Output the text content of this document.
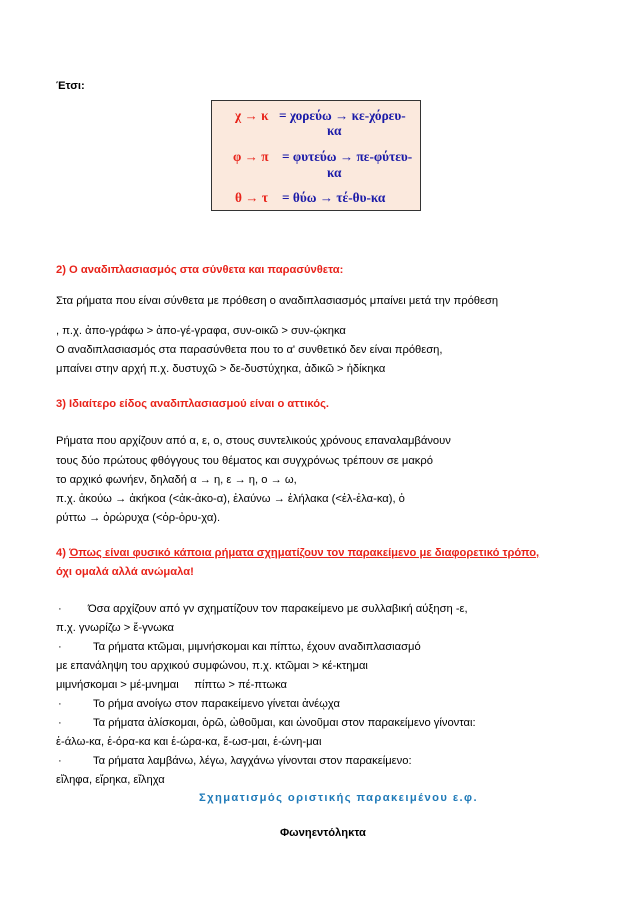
Έτσι:
χ → κ = χορεύω → κε-χόρευ-
κα
φ → π = φυτεύω → πε-φύτευ-
κα
θ → τ = θύω → τέ-θυ-κα
2) Ο αναδιπλασιασμός στα σύνθετα και παρασύνθετα:
Στα ρήματα που είναι σύνθετα με πρόθεση ο αναδιπλασιασμός μπαίνει μετά την πρόθεση
, π.χ. ἀπο-γράφω > ἀπο-γέ-γραφα, συν-οικῶ > συν-ῴκηκα
Ο αναδιπλασιασμός στα παρασύνθετα που το α' συνθετικό δεν είναι πρόθεση,
μπαίνει στην αρχή π.χ. δυστυχῶ > δε-δυστύχηκα, ἀδικῶ > ἠδίκηκα
3) Ιδιαίτερο είδος αναδιπλασιασμού είναι ο αττικός.
Ρήματα που αρχίζουν από α, ε, ο, στους συντελικούς χρόνους επαναλαμβάνουν
τους δύο πρώτους φθόγγους του θέματος και συγχρόνως τρέπουν σε μακρό
το αρχικό φωνήεν, δηλαδή α → η, ε → η, ο → ω,
π.χ. ἀκούω → ἀκήκοα (<ἀκ-ἀκο-α), ἐλαύνω → ἐλήλακα (<ἐλ-ἐλα-κα), ὀ
ρύττω → ὀρώρυχα (<ὀρ-ὀρυ-χα).
4) Όπως είναι φυσικό κάποια ρήματα σχηματίζουν τον παρακείμενο με διαφορετικό τρόπο,
όχι ομαλά αλλά ανώμαλα!
· Όσα αρχίζουν από γν σχηματίζουν τον παρακείμενο με συλλαβική αύξηση -ε,
π.χ. γνωρίζω > ἔ-γνωκα
·	Τα ρήματα κτῶμαι, μιμνήσκομαι και πίπτω, έχουν αναδιπλασιασμό
με επανάληψη του αρχικού συμφώνου, π.χ. κτῶμαι > κέ-κτημαι
μιμνήσκομαι > μέ-μνημαι     πίπτω > πέ-πτωκα
·	Το ρήμα ανοίγω στον παρακείμενο γίνεται ἀνέῳχα
·	Τα ρήματα ἁλίσκομαι, ὁρῶ, ὠθοῦμαι, και ὠνοῦμαι στον παρακείμενο γίνονται:
ἑ-άλω-κα, ἑ-όρα-κα και ἑ-ώρα-κα, ἔ-ωσ-μαι, ἑ-ώνη-μαι
·	Τα ρήματα λαμβάνω, λέγω, λαγχάνω γίνονται στον παρακείμενο:
εἴληφα, εἴρηκα, εἴληχα
Σχηματισμός οριστικής παρακειμένου ε.φ.
Φωνηεντόληκτα
